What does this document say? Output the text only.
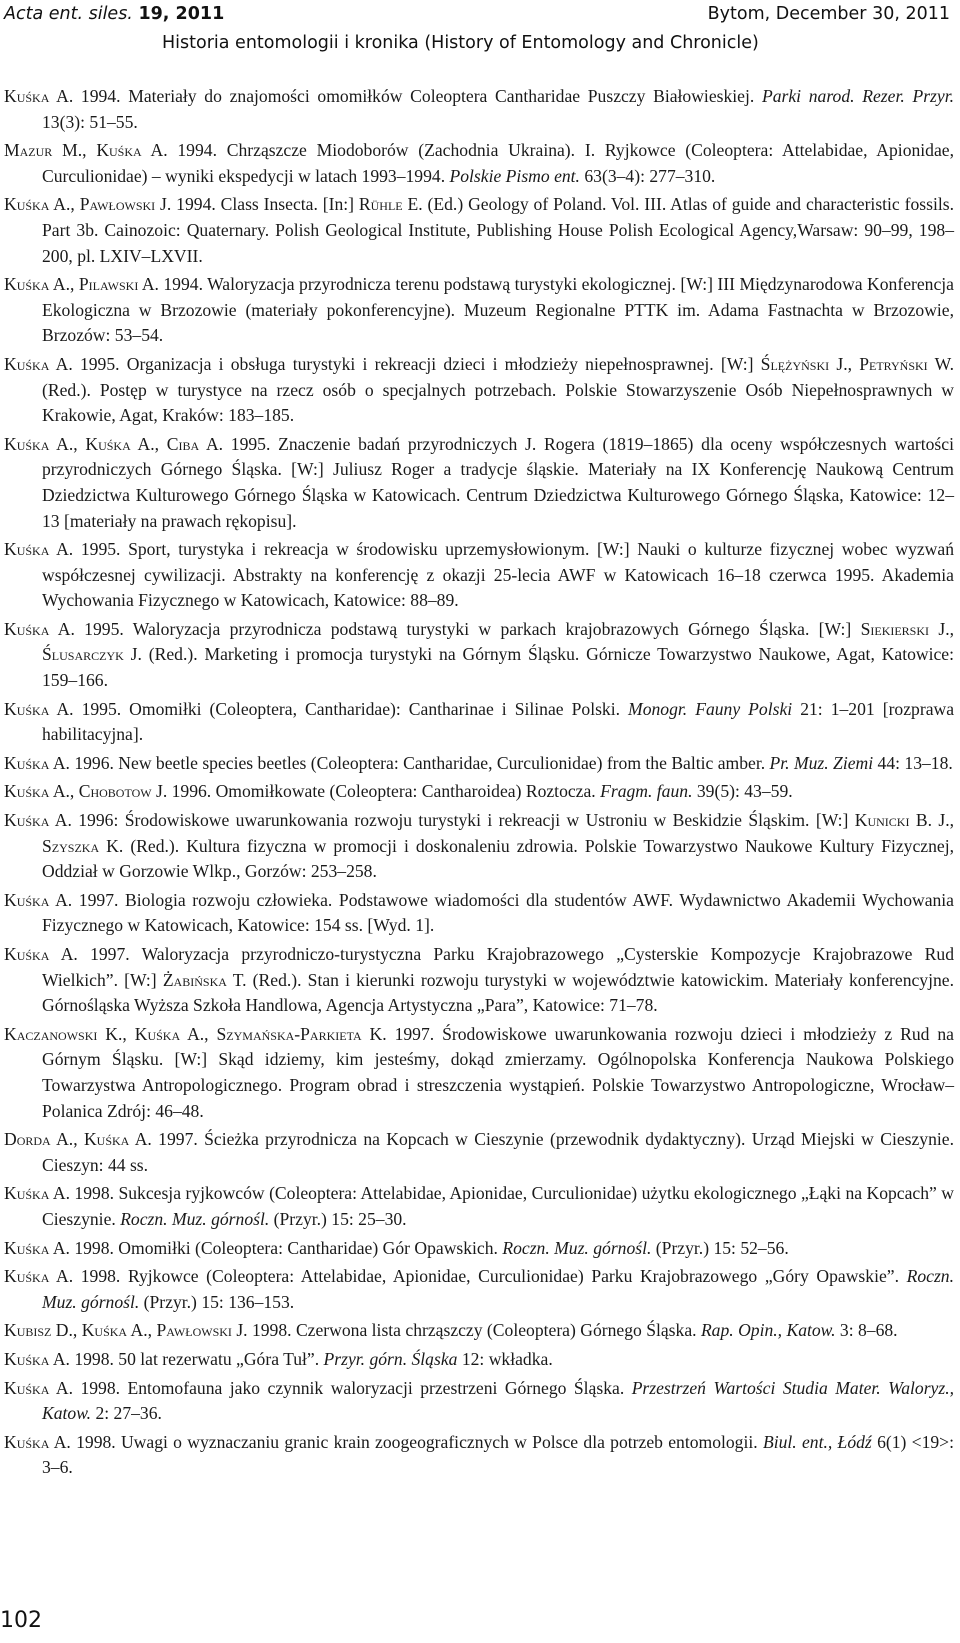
Acta ent. siles. 19, 2011	Bytom, December 30, 2011
Historia entomologii i kronika (History of Entomology and Chronicle)

Kuśka A. 1994. Materiały do znajomości omomiłków Coleoptera Cantharidae Puszczy Białowieskiej. Parki narod. Rezer. Przyr. 13(3): 51–55.

Mazur M., Kuśka A. 1994. Chrząszcze Miodoborów (Zachodnia Ukraina). I. Ryjkowce (Coleoptera: Attelabidae, Apionidae, Curculionidae) – wyniki ekspedycji w latach 1993–1994. Polskie Pismo ent. 63(3–4): 277–310.

Kuśka A., Pawłowski J. 1994. Class Insecta. [In:] Rühle E. (Ed.) Geology of Poland. Vol. III. Atlas of guide and characteristic fossils. Part 3b. Cainozoic: Quaternary. Polish Geological Institute, Publishing House Polish Ecological Agency,Warsaw: 90–99, 198–200, pl. LXIV–LXVII.

Kuśka A., Pilawski A. 1994. Waloryzacja przyrodnicza terenu podstawą turystyki ekologicznej. [W:] III Międzynarodowa Konferencja Ekologiczna w Brzozowie (materiały pokonferencyjne). Muzeum Regionalne PTTK im. Adama Fastnachta w Brzozowie, Brzozów: 53–54.

Kuśka A. 1995. Organizacja i obsługa turystyki i rekreacji dzieci i młodzieży niepełnosprawnej. [W:] Ślężyński J., Petryński W. (Red.). Postęp w turystyce na rzecz osób o specjalnych potrzebach. Polskie Stowarzyszenie Osób Niepełnosprawnych w Krakowie, Agat, Kraków: 183–185.

Kuśka A., Kuśka A., Ciba A. 1995. Znaczenie badań przyrodniczych J. Rogera (1819–1865) dla oceny współczesnych wartości przyrodniczych Górnego Śląska. [W:] Juliusz Roger a tradycje śląskie. Materiały na IX Konferencję Naukową Centrum Dziedzictwa Kulturowego Górnego Śląska w Katowicach. Centrum Dziedzictwa Kulturowego Górnego Śląska, Katowice: 12–13 [materiały na prawach rękopisu].

Kuśka A. 1995. Sport, turystyka i rekreacja w środowisku uprzemysłowionym. [W:] Nauki o kulturze fizycznej wobec wyzwań współczesnej cywilizacji. Abstrakty na konferencję z okazji 25-lecia AWF w Katowicach 16–18 czerwca 1995. Akademia Wychowania Fizycznego w Katowicach, Katowice: 88–89.

Kuśka A. 1995. Waloryzacja przyrodnicza podstawą turystyki w parkach krajobrazowych Górnego Śląska. [W:] Siekierski J., Ślusarczyk J. (Red.). Marketing i promocja turystyki na Górnym Śląsku. Górnicze Towarzystwo Naukowe, Agat, Katowice: 159–166.

Kuśka A. 1995. Omomiłki (Coleoptera, Cantharidae): Cantharinae i Silinae Polski. Monogr. Fauny Polski 21: 1–201 [rozprawa habilitacyjna].

Kuśka A. 1996. New beetle species beetles (Coleoptera: Cantharidae, Curculionidae) from the Baltic amber. Pr. Muz. Ziemi 44: 13–18.

Kuśka A., Chobotow J. 1996. Omomiłkowate (Coleoptera: Cantharoidea) Roztocza. Fragm. faun. 39(5): 43–59.

Kuśka A. 1996: Środowiskowe uwarunkowania rozwoju turystyki i rekreacji w Ustroniu w Beskidzie Śląskim. [W:] Kunicki B. J., Szyszka K. (Red.). Kultura fizyczna w promocji i doskonaleniu zdrowia. Polskie Towarzystwo Naukowe Kultury Fizycznej, Oddział w Gorzowie Wlkp., Gorzów: 253–258.

Kuśka A. 1997. Biologia rozwoju człowieka. Podstawowe wiadomości dla studentów AWF. Wydawnictwo Akademii Wychowania Fizycznego w Katowicach, Katowice: 154 ss. [Wyd. 1].

Kuśka A. 1997. Waloryzacja przyrodniczo-turystyczna Parku Krajobrazowego „Cysterskie Kompozycje Krajobrazowe Rud Wielkich”. [W:] Żabińska T. (Red.). Stan i kierunki rozwoju turystyki w województwie katowickim. Materiały konferencyjne. Górnośląska Wyższa Szkoła Handlowa, Agencja Artystyczna „Para”, Katowice: 71–78.

Kaczanowski K., Kuśka A., Szymańska-Parkieta K. 1997. Środowiskowe uwarunkowania rozwoju dzieci i młodzieży z Rud na Górnym Śląsku. [W:] Skąd idziemy, kim jesteśmy, dokąd zmierzamy. Ogólnopolska Konferencja Naukowa Polskiego Towarzystwa Antropologicznego. Program obrad i streszczenia wystąpień. Polskie Towarzystwo Antropologiczne, Wrocław–Polanica Zdrój: 46–48.

Dorda A., Kuśka A. 1997. Ścieżka przyrodnicza na Kopcach w Cieszynie (przewodnik dydaktyczny). Urząd Miejski w Cieszynie. Cieszyn: 44 ss.

Kuśka A. 1998. Sukcesja ryjkowców (Coleoptera: Attelabidae, Apionidae, Curculionidae) użytku ekologicznego „Łąki na Kopcach” w Cieszynie. Roczn. Muz. górnośl. (Przyr.) 15: 25–30.

Kuśka A. 1998. Omomiłki (Coleoptera: Cantharidae) Gór Opawskich. Roczn. Muz. górnośl. (Przyr.) 15: 52–56.

Kuśka A. 1998. Ryjkowce (Coleoptera: Attelabidae, Apionidae, Curculionidae) Parku Krajobrazowego „Góry Opawskie”. Roczn. Muz. górnośl. (Przyr.) 15: 136–153.

Kubisz D., Kuśka A., Pawłowski J. 1998. Czerwona lista chrząszczy (Coleoptera) Górnego Śląska. Rap. Opin., Katow. 3: 8–68.

Kuśka A. 1998. 50 lat rezerwatu „Góra Tuł”. Przyr. górn. Śląska 12: wkładka.

Kuśka A. 1998. Entomofauna jako czynnik waloryzacji przestrzeni Górnego Śląska. Przestrzeń Wartości Studia Mater. Waloryz., Katow. 2: 27–36.

Kuśka A. 1998. Uwagi o wyznaczaniu granic krain zoogeograficznych w Polsce dla potrzeb entomologii. Biul. ent., Łódź 6(1) <19>: 3–6.

102
